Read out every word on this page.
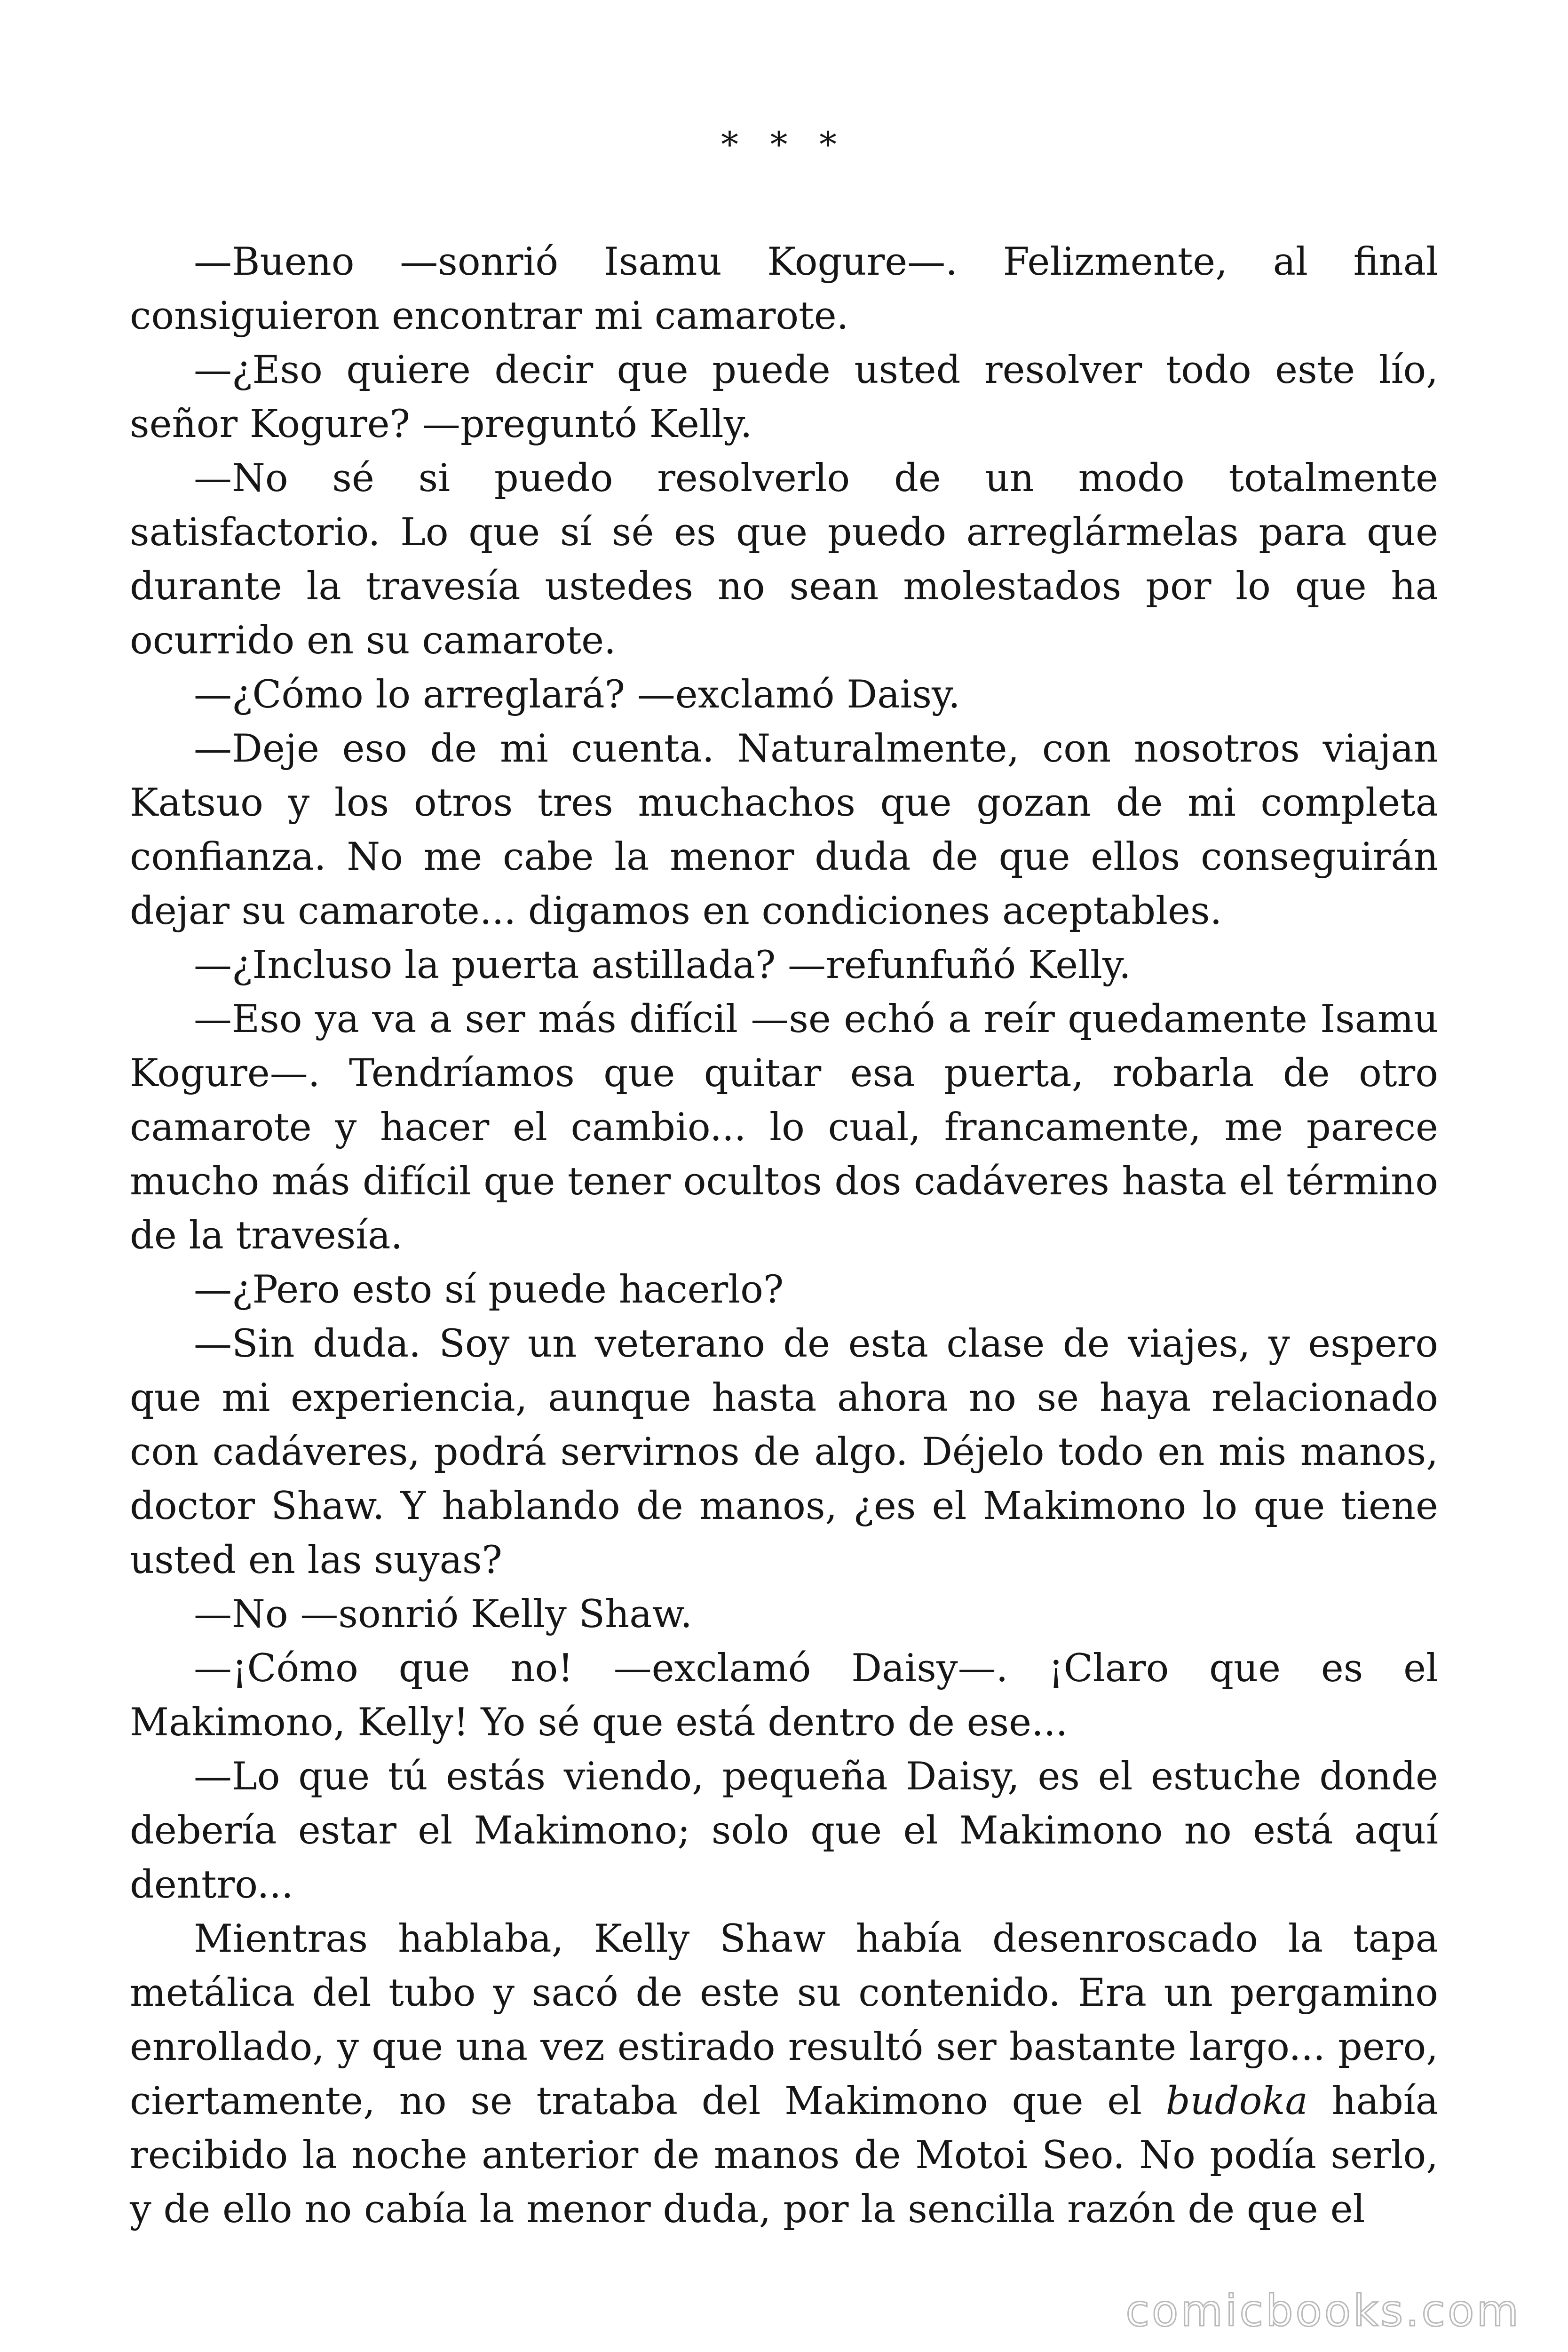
* * *

—Bueno —sonrió Isamu Kogure—. Felizmente, al final consiguieron encontrar mi camarote.

—¿Eso quiere decir que puede usted resolver todo este lío, señor Kogure? —preguntó Kelly.

—No sé si puedo resolverlo de un modo totalmente satisfactorio. Lo que sí sé es que puedo arreglármelas para que durante la travesía ustedes no sean molestados por lo que ha ocurrido en su camarote.

—¿Cómo lo arreglará? —exclamó Daisy.

—Deje eso de mi cuenta. Naturalmente, con nosotros viajan Katsuo y los otros tres muchachos que gozan de mi completa confianza. No me cabe la menor duda de que ellos conseguirán dejar su camarote... digamos en condiciones aceptables.

—¿Incluso la puerta astillada? —refunfuñó Kelly.

—Eso ya va a ser más difícil —se echó a reír quedamente Isamu Kogure—. Tendríamos que quitar esa puerta, robarla de otro camarote y hacer el cambio... lo cual, francamente, me parece mucho más difícil que tener ocultos dos cadáveres hasta el término de la travesía.

—¿Pero esto sí puede hacerlo?

—Sin duda. Soy un veterano de esta clase de viajes, y espero que mi experiencia, aunque hasta ahora no se haya relacionado con cadáveres, podrá servirnos de algo. Déjelo todo en mis manos, doctor Shaw. Y hablando de manos, ¿es el Makimono lo que tiene usted en las suyas?

—No —sonrió Kelly Shaw.

—¡Cómo que no! —exclamó Daisy—. ¡Claro que es el Makimono, Kelly! Yo sé que está dentro de ese...

—Lo que tú estás viendo, pequeña Daisy, es el estuche donde debería estar el Makimono; solo que el Makimono no está aquí dentro...

Mientras hablaba, Kelly Shaw había desenroscado la tapa metálica del tubo y sacó de este su contenido. Era un pergamino enrollado, y que una vez estirado resultó ser bastante largo... pero, ciertamente, no se trataba del Makimono que el budoka había recibido la noche anterior de manos de Motoi Seo. No podía serlo, y de ello no cabía la menor duda, por la sencilla razón de que el

comicbooks.com
